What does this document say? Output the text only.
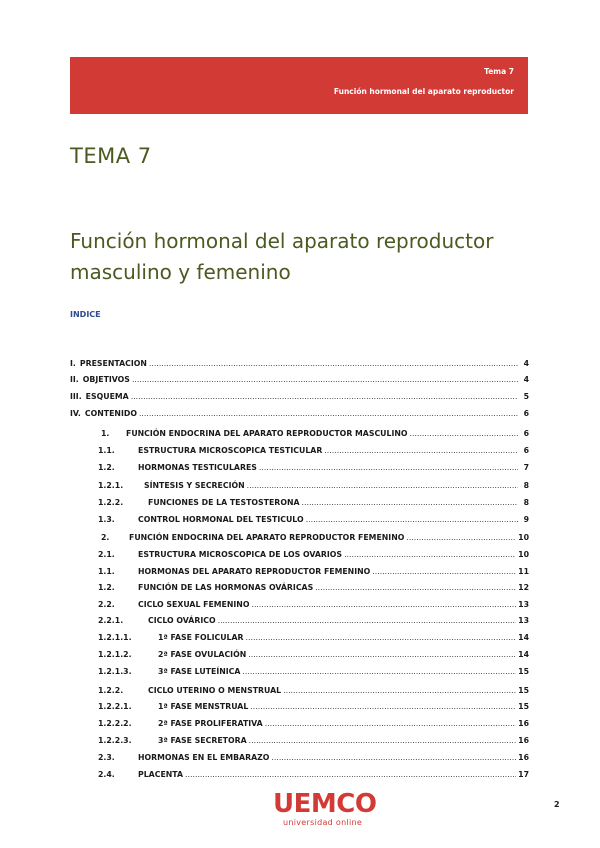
Tema 7
Función hormonal del aparato reproductor
TEMA 7
Función hormonal del aparato reproductor masculino y femenino
INDICE
I. PRESENTACION .....	4
II. OBJETIVOS .....	4
III. ESQUEMA .....	5
IV. CONTENIDO .....	6
1.	FUNCIÓN ENDOCRINA DEL APARATO REPRODUCTOR MASCULINO .....	6
1.1.	ESTRUCTURA MICROSCOPICA TESTICULAR .....	6
1.2.	HORMONAS TESTICULARES .....	7
1.2.1.	SÍNTESIS Y SECRECIÓN .....	8
1.2.2.	FUNCIONES DE LA TESTOSTERONA .....	8
1.3.	CONTROL HORMONAL DEL TESTICULO .....	9
2.	FUNCIÓN ENDOCRINA DEL APARATO REPRODUCTOR FEMENINO .....	10
2.1.	ESTRUCTURA MICROSCOPICA DE LOS OVARIOS .....	10
1.1.	HORMONAS DEL APARATO REPRODUCTOR FEMENINO .....	11
1.2.	FUNCIÓN DE LAS HORMONAS OVÁRICAS .....	12
2.2.	CICLO SEXUAL FEMENINO .....	13
2.2.1.	CICLO OVÁRICO .....	13
1.2.1.1.	1ª FASE FOLICULAR .....	14
1.2.1.2.	2ª FASE OVULACIÓN .....	14
1.2.1.3.	3ª FASE LUTEÍNICA .....	15
1.2.2.	CICLO UTERINO O MENSTRUAL .....	15
1.2.2.1.	1ª FASE MENSTRUAL .....	15
1.2.2.2.	2ª FASE PROLIFERATIVA .....	16
1.2.2.3.	3ª FASE SECRETORA .....	16
2.3.	HORMONAS EN EL EMBARAZO .....	16
2.4.	PLACENTA .....	17
UEMCO
universidad online
2
